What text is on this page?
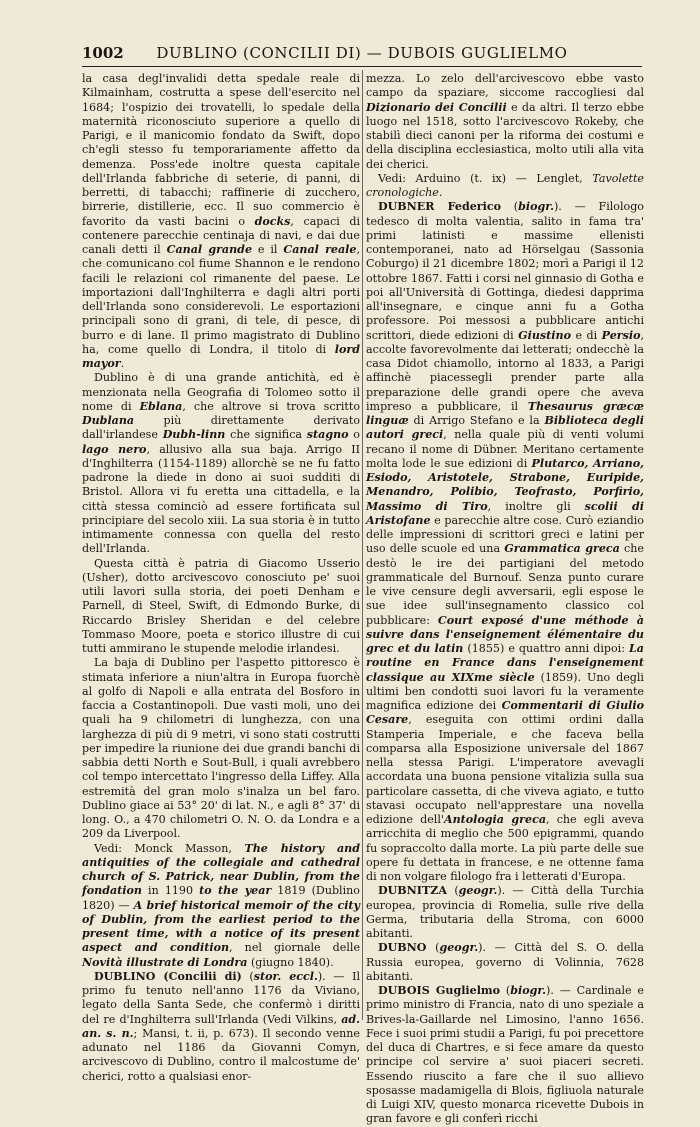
1002	DUBLINO (CONCILII DI) — DUBOIS GUGLIELMO

la casa degl'invalidi detta spedale reale di Kilmainham, costrutta a spese dell'esercito nel 1684; l'ospizio dei trovatelli, lo spedale della maternità riconosciuto superiore a quello di Parigi, e il manicomio fondato da Swift, dopo ch'egli stesso fu temporariamente affetto da demenza. Poss'ede inoltre questa capitale dell'Irlanda fabbriche di seterie, di panni, di berretti, di tabacchi; raffinerie di zucchero, birrerie, distillerie, ecc. Il suo commercio è favorito da vasti bacini o docks, capaci di contenere parecchie centinaja di navi, e dai due canali detti il Canal grande e il Canal reale, che comunicano col fiume Shannon e le rendono facili le relazioni col rimanente del paese. Le importazioni dall'Inghilterra e dagli altri porti dell'Irlanda sono considerevoli. Le esportazioni principali sono di grani, di tele, di pesce, di burro e di lane. Il primo magistrato di Dublino ha, come quello di Londra, il titolo di lord mayor.

Dublino è di una grande antichità, ed è menzionata nella Geografia di Tolomeo sotto il nome di Eblana, che altrove si trova scritto Dublana più direttamente derivato dall'irlandese Dubh-linn che significa stagno o lago nero, allusivo alla sua baja. Arrigo II d'Inghilterra (1154-1189) allorchè se ne fu fatto padrone la diede in dono ai suoi sudditi di Bristol. Allora vi fu eretta una cittadella, e la città stessa cominciò ad essere fortificata sul principiare del secolo xiii. La sua storia è in tutto intimamente connessa con quella del resto dell'Irlanda.

Questa città è patria di Giacomo Usserio (Usher), dotto arcivescovo conosciuto pe' suoi utili lavori sulla storia, dei poeti Denham e Parnell, di Steel, Swift, di Edmondo Burke, di Riccardo Brisley Sheridan e del celebre Tommaso Moore, poeta e storico illustre di cui tutti ammirano le stupende melodie irlandesi.

La baja di Dublino per l'aspetto pittoresco è stimata inferiore a niun'altra in Europa fuorchè al golfo di Napoli e alla entrata del Bosforo in faccia a Costantinopoli. Due vasti moli, uno dei quali ha 9 chilometri di lunghezza, con una larghezza di più di 9 metri, vi sono stati costrutti per impedire la riunione dei due grandi banchi di sabbia detti North e Sout-Bull, i quali avrebbero col tempo intercettato l'ingresso della Liffey. Alla estremità del gran molo s'inalza un bel faro. Dublino giace ai 53° 20' di lat. N., e agli 8° 37' di long. O., a 470 chilometri O. N. O. da Londra e a 209 da Liverpool.

Vedi: Monck Masson, The history and antiquities of the collegiale and cathedral church of S. Patrick, near Dublin, from the fondation in 1190 to the year 1819 (Dublino 1820) — A brief historical memoir of the city of Dublin, from the earliest period to the present time, with a notice of its present aspect and condition, nel giornale delle Novità illustrate di Londra (giugno 1840).

DUBLINO (Concilii di) (stor. eccl.). — Il primo fu tenuto nell'anno 1176 da Viviano, legato della Santa Sede, che confermò i diritti del re d'Inghilterra sull'Irlanda (Vedi Vilkins, ad. an. s. n.; Mansi, t. ii, p. 673). Il secondo venne adunato nel 1186 da Giovanni Comyn, arcivescovo di Dublino, contro il malcostume de' cherici, rotto a qualsiasi enor-

mezza. Lo zelo dell'arcivescovo ebbe vasto campo da spaziare, siccome raccogliesi dal Dizionario dei Concilii e da altri. Il terzo ebbe luogo nel 1518, sotto l'arcivescovo Rokeby, che stabilì dieci canoni per la riforma dei costumi e della disciplina ecclesiastica, molto utili alla vita dei cherici.

Vedi: Arduino (t. ix) — Lenglet, Tavolette cronologiche.

DUBNER Federico (biogr.). — Filologo tedesco di molta valentia, salito in fama tra' primi latinisti e massime ellenisti contemporanei, nato ad Hörselgau (Sassonia Coburgo) il 21 dicembre 1802; morì a Parigi il 12 ottobre 1867. Fatti i corsi nel ginnasio di Gotha e poi all'Università di Gottinga, diedesi dapprima all'insegnare, e cinque anni fu a Gotha professore. Poi messosi a pubblicare antichi scrittori, diede edizioni di Giustino e di Persio, accolte favorevolmente dai letterati; ondecchè la casa Didot chiamollo, intorno al 1833, a Parigi affinchè piacessegli prender parte alla preparazione delle grandi opere che aveva impreso a pubblicare, il Thesaurus græcæ linguæ di Arrigo Stefano e la Biblioteca degli autori greci, nella quale più di venti volumi recano il nome di Dübner. Meritano certamente molta lode le sue edizioni di Plutarco, Arriano, Esiodo, Aristotele, Strabone, Euripide, Menandro, Polibio, Teofrasto, Porfirio, Massimo di Tiro, inoltre gli scolii di Aristofane e parecchie altre cose. Curò eziandio delle impressioni di scrittori greci e latini per uso delle scuole ed una Grammatica greca che destò le ire dei partigiani del metodo grammaticale del Burnouf. Senza punto curare le vive censure degli avversarii, egli espose le sue idee sull'insegnamento classico col pubblicare: Court exposé d'une méthode à suivre dans l'enseignement élémentaire du grec et du latin (1855) e quattro anni dipoi: La routine en France dans l'enseignement classique au XIXme siècle (1859). Uno degli ultimi ben condotti suoi lavori fu la veramente magnifica edizione dei Commentarii di Giulio Cesare, eseguita con ottimi ordini dalla Stamperia Imperiale, e che faceva bella comparsa alla Esposizione universale del 1867 nella stessa Parigi. L'imperatore avevagli accordata una buona pensione vitalizia sulla sua particolare cassetta, di che viveva agiato, e tutto stavasi occupato nell'apprestare una novella edizione dell'Antologia greca, che egli aveva arricchita di meglio che 500 epigrammi, quando fu sopraccolto dalla morte. La più parte delle sue opere fu dettata in francese, e ne ottenne fama di non volgare filologo fra i letterati d'Europa.

DUBNITZA (geogr.). — Città della Turchia europea, provincia di Romelia, sulle rive della Germa, tributaria della Stroma, con 6000 abitanti.

DUBNO (geogr.). — Città del S. O. della Russia europea, governo di Volinnia, 7628 abitanti.

DUBOIS Guglielmo (biogr.). — Cardinale e primo ministro di Francia, nato di uno speziale a Brives-la-Gaillarde nel Limosino, l'anno 1656. Fece i suoi primi studii a Parigi, fu poi precettore del duca di Chartres, e si fece amare da questo principe col servire a' suoi piaceri secreti. Essendo riuscito a fare che il suo allievo sposasse madamigella di Blois, figliuola naturale di Luigi XIV, questo monarca ricevette Dubois in gran favore e gli conferì ricchi
